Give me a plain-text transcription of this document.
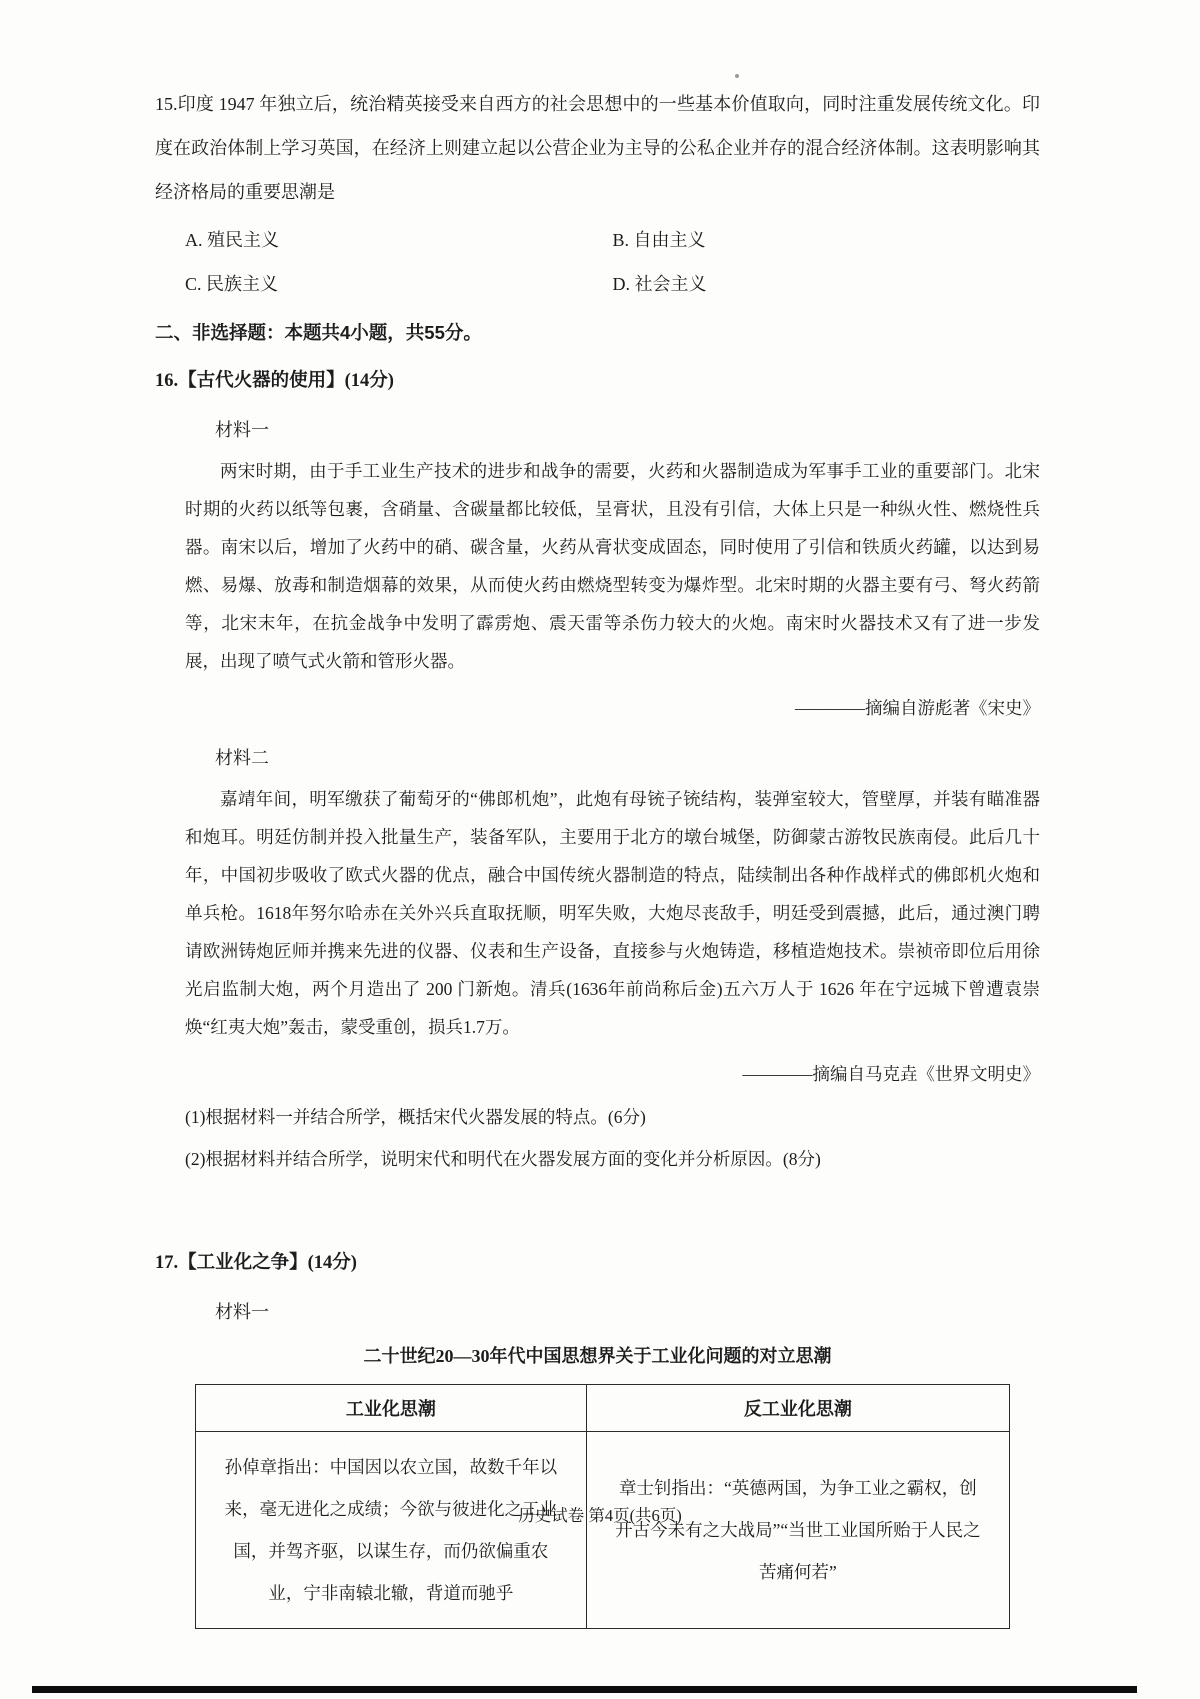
15.印度 1947 年独立后，统治精英接受来自西方的社会思想中的一些基本价值取向，同时注重发展传统文化。印度在政治体制上学习英国，在经济上则建立起以公营企业为主导的公私企业并存的混合经济体制。这表明影响其经济格局的重要思潮是

A. 殖民主义	B. 自由主义
C. 民族主义	D. 社会主义

二、非选择题：本题共4小题，共55分。

16.【古代火器的使用】(14分)

材料一

两宋时期，由于手工业生产技术的进步和战争的需要，火药和火器制造成为军事手工业的重要部门。北宋时期的火药以纸等包裹，含硝量、含碳量都比较低，呈膏状，且没有引信，大体上只是一种纵火性、燃烧性兵器。南宋以后，增加了火药中的硝、碳含量，火药从膏状变成固态，同时使用了引信和铁质火药罐，以达到易燃、易爆、放毒和制造烟幕的效果，从而使火药由燃烧型转变为爆炸型。北宋时期的火器主要有弓、弩火药箭等，北宋末年，在抗金战争中发明了霹雳炮、震天雷等杀伤力较大的火炮。南宋时火器技术又有了进一步发展，出现了喷气式火箭和管形火器。

————摘编自游彪著《宋史》

材料二

嘉靖年间，明军缴获了葡萄牙的“佛郎机炮”，此炮有母铳子铳结构，装弹室较大，管壁厚，并装有瞄准器和炮耳。明廷仿制并投入批量生产，装备军队，主要用于北方的墩台城堡，防御蒙古游牧民族南侵。此后几十年，中国初步吸收了欧式火器的优点，融合中国传统火器制造的特点，陆续制出各种作战样式的佛郎机火炮和单兵枪。1618年努尔哈赤在关外兴兵直取抚顺，明军失败，大炮尽丧敌手，明廷受到震撼，此后，通过澳门聘请欧洲铸炮匠师并携来先进的仪器、仪表和生产设备，直接参与火炮铸造，移植造炮技术。崇祯帝即位后用徐光启监制大炮，两个月造出了 200 门新炮。清兵(1636年前尚称后金)五六万人于 1626 年在宁远城下曾遭袁崇焕“红夷大炮”轰击，蒙受重创，损兵1.7万。

————摘编自马克垚《世界文明史》

(1)根据材料一并结合所学，概括宋代火器发展的特点。(6分)

(2)根据材料并结合所学，说明宋代和明代在火器发展方面的变化并分析原因。(8分)

17.【工业化之争】(14分)

材料一

二十世纪20—30年代中国思想界关于工业化问题的对立思潮

工业化思潮	反工业化思潮
孙倬章指出：中国因以农立国，故数千年以来，毫无进化之成绩；今欲与彼进化之工业国，并驾齐驱，以谋生存，而仍欲偏重农业，宁非南辕北辙，背道而驰乎	章士钊指出：“英德两国，为争工业之霸权，创开古今未有之大战局”“当世工业国所贻于人民之苦痛何若”

历史试卷 第4页(共6页)
